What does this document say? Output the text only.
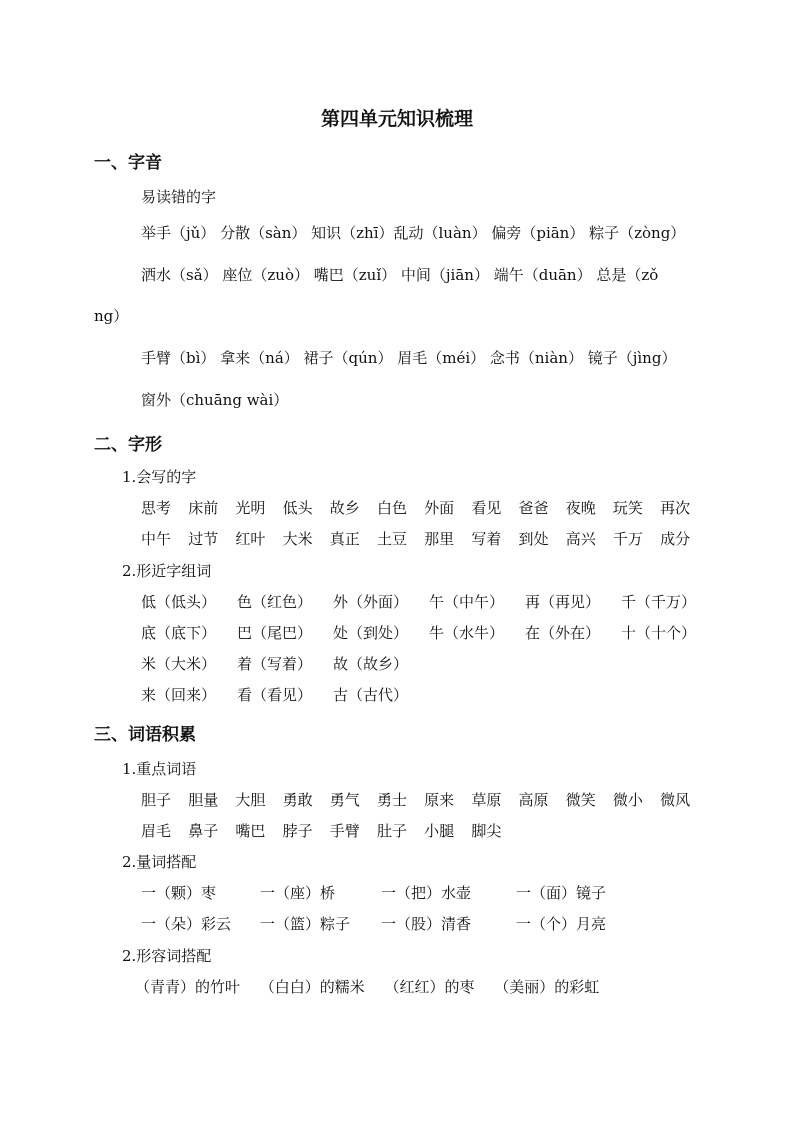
第四单元知识梳理
一、字音
易读错的字
举手（jǔ） 分散（sàn） 知识（zhī）乱动（luàn） 偏旁（piān） 粽子（zòng）
洒水（sǎ） 座位（zuò） 嘴巴（zuǐ） 中间（jiān） 端午（duān） 总是（zǒ
ng）
手臂（bì） 拿来（ná） 裙子（qún） 眉毛（méi） 念书（niàn） 镜子（jìng）
窗外（chuāng wài）
二、字形
1.会写的字
思考 床前 光明 低头 故乡 白色 外面 看见 爸爸 夜晚 玩笑 再次
中午 过节 红叶 大米 真正 土豆 那里 写着 到处 高兴 千万 成分
2.形近字组词
低（低头） 色（红色） 外（外面） 午（中午） 再（再见） 千（千万）
底（底下） 巴（尾巴） 处（到处） 牛（水牛） 在（外在） 十（十个）
米（大米） 着（写着） 故（故乡）
来（回来） 看（看见） 古（古代）
三、词语积累
1.重点词语
胆子 胆量 大胆 勇敢 勇气 勇士 原来 草原 高原 微笑 微小 微风
眉毛 鼻子 嘴巴 脖子 手臂 肚子 小腿 脚尖
2.量词搭配
一（颗）枣	一（座）桥	一（把）水壶	一（面）镜子
一（朵）彩云 一（篮）粽子 一（股）清香	一（个）月亮
2.形容词搭配
（青青）的竹叶　 （白白）的糯米　 （红红）的枣　 （美丽）的彩虹
